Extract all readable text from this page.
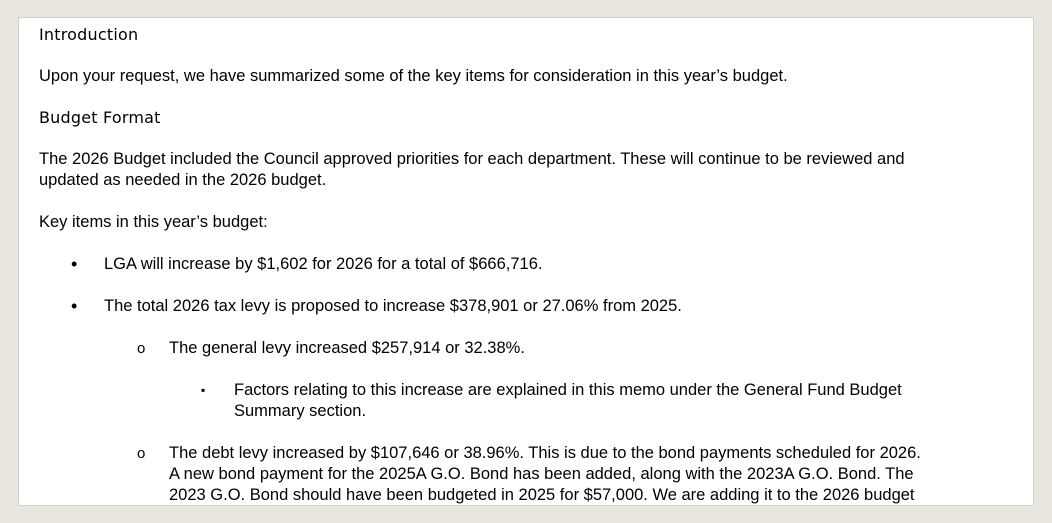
Introduction
Upon your request, we have summarized some of the key items for consideration in this year’s budget.
Budget Format
The 2026 Budget included the Council approved priorities for each department. These will continue to be reviewed and
updated as needed in the 2026 budget.
Key items in this year’s budget:
• LGA will increase by $1,602 for 2026 for a total of $666,716.
• The total 2026 tax levy is proposed to increase $378,901 or 27.06% from 2025.
o The general levy increased $257,914 or 32.38%.
▪ Factors relating to this increase are explained in this memo under the General Fund Budget
Summary section.
o The debt levy increased by $107,646 or 38.96%. This is due to the bond payments scheduled for 2026.
A new bond payment for the 2025A G.O. Bond has been added, along with the 2023A G.O. Bond. The
2023 G.O. Bond should have been budgeted in 2025 for $57,000. We are adding it to the 2026 budget
